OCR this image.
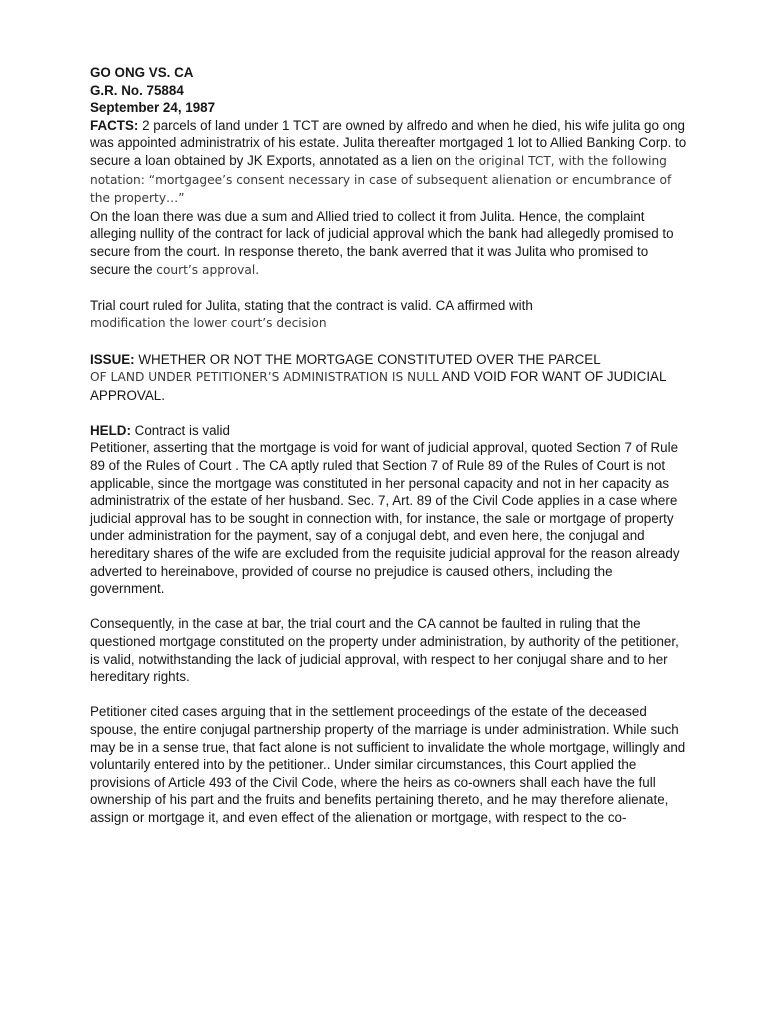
GO ONG VS. CA

G.R. No. 75884

September 24, 1987

FACTS: 2 parcels of land under 1 TCT are owned by alfredo and when he died, his wife julita go ong was appointed administratrix of his estate. Julita thereafter mortgaged 1 lot to Allied Banking Corp. to secure a loan obtained by JK Exports, annotated as a lien on the original TCT, with the following notation: “mortgagee’s consent necessary in case of subsequent alienation or encumbrance of the property…”

On the loan there was due a sum and Allied tried to collect it from Julita. Hence, the complaint alleging nullity of the contract for lack of judicial approval which the bank had allegedly promised to secure from the court. In response thereto, the bank averred that it was Julita who promised to secure the court’s approval.

Trial court ruled for Julita, stating that the contract is valid. CA affirmed with
modification the lower court’s decision

ISSUE: WHETHER OR NOT THE MORTGAGE CONSTITUTED OVER THE PARCEL
OF LAND UNDER PETITIONER’S ADMINISTRATION IS NULL AND VOID FOR WANT OF JUDICIAL APPROVAL.

HELD: Contract is valid

Petitioner, asserting that the mortgage is void for want of judicial approval, quoted Section 7 of Rule 89 of the Rules of Court . The CA aptly ruled that Section 7 of Rule 89 of the Rules of Court is not applicable, since the mortgage was constituted in her personal capacity and not in her capacity as administratrix of the estate of her husband. Sec. 7, Art. 89 of the Civil Code applies in a case where judicial approval has to be sought in connection with, for instance, the sale or mortgage of property under administration for the payment, say of a conjugal debt, and even here, the conjugal and hereditary shares of the wife are excluded from the requisite judicial approval for the reason already adverted to hereinabove, provided of course no prejudice is caused others, including the government.

Consequently, in the case at bar, the trial court and the CA cannot be faulted in ruling that the questioned mortgage constituted on the property under administration, by authority of the petitioner, is valid, notwithstanding the lack of judicial approval, with respect to her conjugal share and to her hereditary rights.

Petitioner cited cases arguing that in the settlement proceedings of the estate of the deceased spouse, the entire conjugal partnership property of the marriage is under administration. While such may be in a sense true, that fact alone is not sufficient to invalidate the whole mortgage, willingly and voluntarily entered into by the petitioner.. Under similar circumstances, this Court applied the provisions of Article 493 of the Civil Code, where the heirs as co-owners shall each have the full ownership of his part and the fruits and benefits pertaining thereto, and he may therefore alienate, assign or mortgage it, and even effect of the alienation or mortgage, with respect to the co-
